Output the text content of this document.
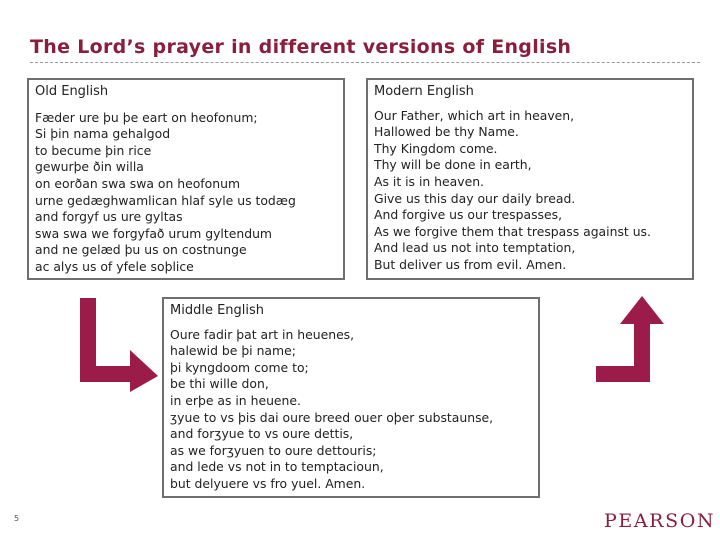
The Lord’s prayer in different versions of English
Old English
Fæder ure þu þe eart on heofonum;
Si þin nama gehalgod
to becume þin rice
gewurþe ðin willa
on eorðan swa swa on heofonum
urne gedæghwamlican hlaf syle us todæg
and forgyf us ure gyltas
swa swa we forgyfað urum gyltendum
and ne gelæd þu us on costnunge
ac alys us of yfele soþlice
Modern English
Our Father, which art in heaven,
Hallowed be thy Name.
Thy Kingdom come.
Thy will be done in earth,
As it is in heaven.
Give us this day our daily bread.
And forgive us our trespasses,
As we forgive them that trespass against us.
And lead us not into temptation,
But deliver us from evil. Amen.
Middle English
Oure fadir þat art in heuenes,
halewid be þi name;
þi kyngdoom come to;
be thi wille don,
in erþe as in heuene.
ʒyue to vs þis dai oure breed ouer oþer substaunse,
and forʒyue to vs oure dettis,
as we forʒyuen to oure dettouris;
and lede vs not in to temptacioun,
but delyuere vs fro yuel. Amen.
5	PEARSON
